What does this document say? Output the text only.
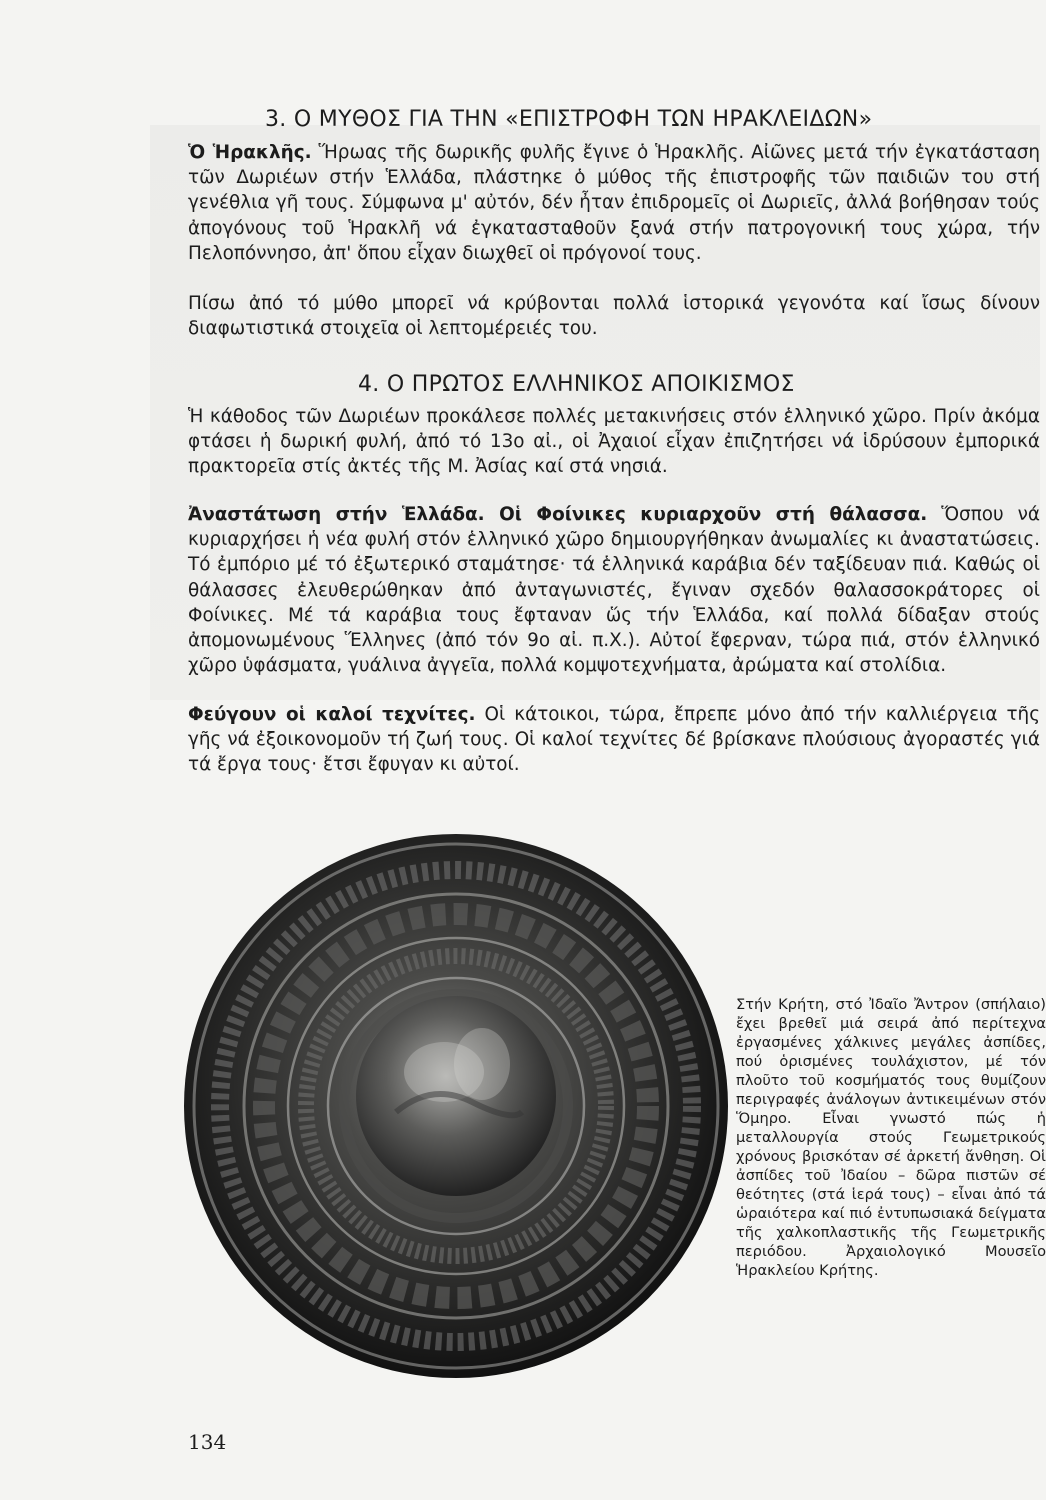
3. Ο ΜΥΘΟΣ ΓΙΑ ΤΗΝ «ΕΠΙΣΤΡΟΦΗ ΤΩΝ ΗΡΑΚΛΕΙΔΩΝ»

Ὁ Ἡρακλῆς. Ἥρωας τῆς δωρικῆς φυλῆς ἔγινε ὁ Ἡρακλῆς. Αἰῶνες μετά τήν ἐγκατάσταση τῶν Δωριέων στήν Ἑλλάδα, πλάστηκε ὁ μύθος τῆς ἐπιστροφῆς τῶν παιδιῶν του στή γενέθλια γῆ τους. Σύμφωνα μ' αὐτόν, δέν ἦταν ἐπιδρομεῖς οἱ Δωριεῖς, ἀλλά βοήθησαν τούς ἀπογόνους τοῦ Ἡρακλῆ νά ἐγκατασταθοῦν ξανά στήν πατρογονική τους χώρα, τήν Πελοπόννησο, ἀπ' ὅπου εἶχαν διωχθεῖ οἱ πρόγονοί τους.

Πίσω ἀπό τό μύθο μπορεῖ νά κρύβονται πολλά ἱστορικά γεγονότα καί ἴσως δίνουν διαφωτιστικά στοιχεῖα οἱ λεπτομέρειές του.

4. Ο ΠΡΩΤΟΣ ΕΛΛΗΝΙΚΟΣ ΑΠΟΙΚΙΣΜΟΣ

Ἡ κάθοδος τῶν Δωριέων προκάλεσε πολλές μετακινήσεις στόν ἑλληνικό χῶρο. Πρίν ἀκόμα φτάσει ἡ δωρική φυλή, ἀπό τό 13ο αἰ., οἱ Ἀχαιοί εἶχαν ἐπιζητήσει νά ἱδρύσουν ἐμπορικά πρακτορεῖα στίς ἀκτές τῆς Μ. Ἀσίας καί στά νησιά.

Ἀναστάτωση στήν Ἑλλάδα. Οἱ Φοίνικες κυριαρχοῦν στή θάλασσα. Ὅσπου νά κυριαρχήσει ἡ νέα φυλή στόν ἑλληνικό χῶρο δημιουργήθηκαν ἀνωμαλίες κι ἀναστατώσεις. Τό ἐμπόριο μέ τό ἐξωτερικό σταμάτησε· τά ἑλληνικά καράβια δέν ταξίδευαν πιά. Καθώς οἱ θάλασσες ἐλευθερώθηκαν ἀπό ἀνταγωνιστές, ἔγιναν σχεδόν θαλασσοκράτορες οἱ Φοίνικες. Μέ τά καράβια τους ἔφταναν ὥς τήν Ἑλλάδα, καί πολλά δίδαξαν στούς ἀπομονωμένους Ἕλληνες (ἀπό τόν 9ο αἰ. π.Χ.). Αὐτοί ἔφερναν, τώρα πιά, στόν ἑλληνικό χῶρο ὑφάσματα, γυάλινα ἀγγεῖα, πολλά κομψοτεχνήματα, ἀρώματα καί στολίδια.

Φεύγουν οἱ καλοί τεχνίτες. Οἱ κάτοικοι, τώρα, ἔπρεπε μόνο ἀπό τήν καλλιέργεια τῆς γῆς νά ἐξοικονομοῦν τή ζωή τους. Οἱ καλοί τεχνίτες δέ βρίσκανε πλούσιους ἀγοραστές γιά τά ἔργα τους· ἔτσι ἔφυγαν κι αὐτοί.

Στήν Κρήτη, στό Ἰδαῖο Ἄντρον (σπήλαιο) ἔχει βρεθεῖ μιά σειρά ἀπό περίτεχνα ἐργασμένες χάλκινες μεγάλες ἀσπίδες, πού ὁρισμένες τουλάχιστον, μέ τόν πλοῦτο τοῦ κοσμήματός τους θυμίζουν περιγραφές ἀνάλογων ἀντικειμένων στόν Ὅμηρο. Εἶναι γνωστό πώς ἡ μεταλλουργία στούς Γεωμετρικούς χρόνους βρισκόταν σέ ἀρκετή ἄνθηση. Οἱ ἀσπίδες τοῦ Ἰδαίου – δῶρα πιστῶν σέ θεότητες (στά ἱερά τους) – εἶναι ἀπό τά ὡραιότερα καί πιό ἐντυπωσιακά δείγματα τῆς χαλκοπλαστικῆς τῆς Γεωμετρικῆς περιόδου. Ἀρχαιολογικό Μουσεῖο Ἡρακλείου Κρήτης.

134
